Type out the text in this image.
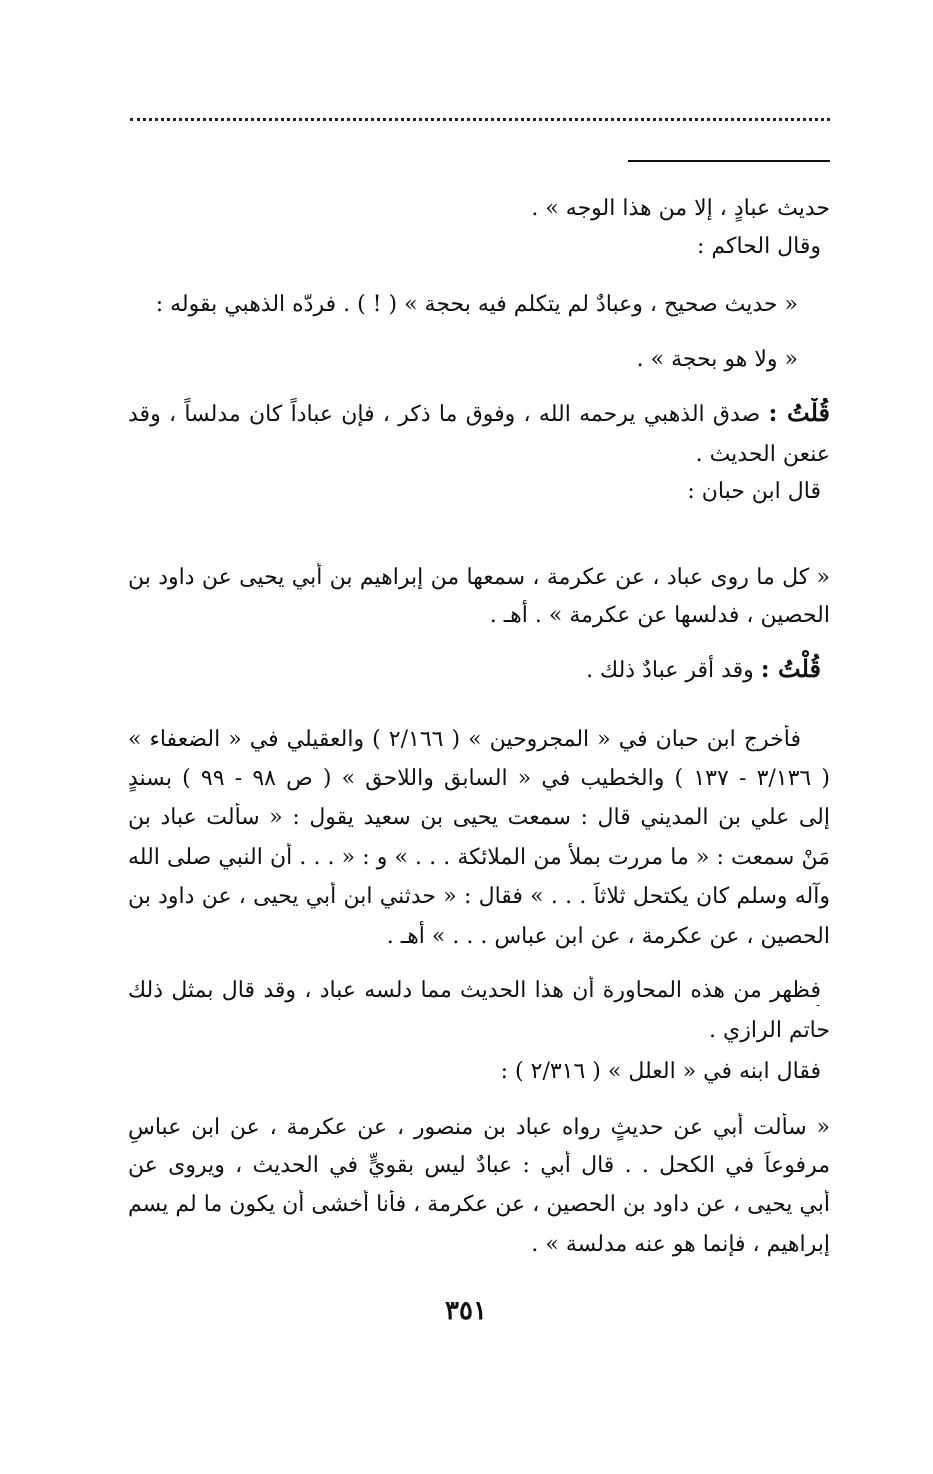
حديث عبادٍ ، إلا من هذا الوجه » .
وقال الحاكم :
« حديث صحيح ، وعبادٌ لم يتكلم فيه بحجة » ( ! ) . فردّه الذهبي بقوله :
« ولا هو بحجة » .
قُلْتُ : صدق الذهبي يرحمه الله ، وفوق ما ذكر ، فإن عباداً كان مدلساً ، وقد
عنعن الحديث .
قال ابن حبان :
« كل ما روى عباد ، عن عكرمة ، سمعها من إبراهيم بن أبي يحيى عن داود بن
الحصين ، فدلسها عن عكرمة » . أهـ .
قُلْتُ : وقد أقر عبادٌ ذلك .
فأخرج ابن حبان في « المجروحين » ( ٢/١٦٦ ) والعقيلي في « الضعفاء »
( ٣/١٣٦ - ١٣٧ ) والخطيب في « السابق واللاحق » ( ص ٩٨ - ٩٩ ) بسندٍ
إلى علي بن المديني قال : سمعت يحيى بن سعيد يقول : « سألت عباد بن
مَنْ سمعت : « ما مررت بملأ من الملائكة . . . » و : « . . . أن النبي صلى الله
وآله وسلم كان يكتحل ثلاثاً . . . » فقال : « حدثني ابن أبي يحيى ، عن داود بن
الحصين ، عن عكرمة ، عن ابن عباس . . . » أهـ .
فظهر من هذه المحاورة أن هذا الحديث مما دلسه عباد ، وقد قال بمثل ذلك
حاتم الرازي .
فقال ابنه في « العلل » ( ٢/٣١٦ ) :
« سألت أبي عن حديثٍ رواه عباد بن منصور ، عن عكرمة ، عن ابن عباسٍ
مرفوعاً في الكحل . . قال أبي : عبادٌ ليس بقويٍّ في الحديث ، ويروى عن
أبي يحيى ، عن داود بن الحصين ، عن عكرمة ، فأنا أخشى أن يكون ما لم يسم
إبراهيم ، فإنما هو عنه مدلسة » .
٣٥١
